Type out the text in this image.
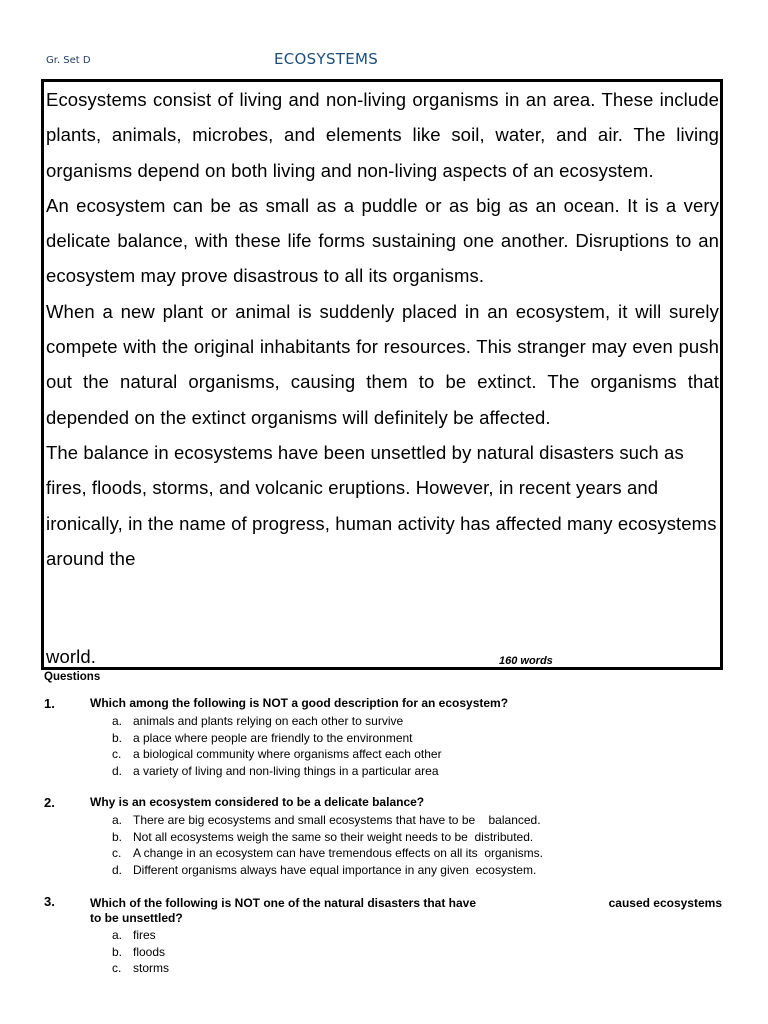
Gr. Set D	ECOSYSTEMS

Ecosystems consist of living and non-living organisms in an area. These include plants, animals, microbes, and elements like soil, water, and air. The living organisms depend on both living and non-living aspects of an ecosystem.

An ecosystem can be as small as a puddle or as big as an ocean. It is a very delicate balance, with these life forms sustaining one another. Disruptions to an ecosystem may prove disastrous to all its organisms.

When a new plant or animal is suddenly placed in an ecosystem, it will surely compete with the original inhabitants for resources. This stranger may even push out the natural organisms, causing them to be extinct. The organisms that depended on the extinct organisms will definitely be affected.

The balance in ecosystems have been unsettled by natural disasters such as fires, floods, storms, and volcanic eruptions. However, in recent years and ironically, in the name of progress, human activity has affected many ecosystems around the

world.	160 words
Questions
1.	Which among the following is NOT a good description for an ecosystem?
a. animals and plants relying on each other to survive
b. a place where people are friendly to the environment
c. a biological community where organisms affect each other
d. a variety of living and non-living things in a particular area
2.	Why is an ecosystem considered to be a delicate balance?
a. There are big ecosystems and small ecosystems that have to be    balanced.
b. Not all ecosystems weigh the same so their weight needs to be  distributed.
c. A change in an ecosystem can have tremendous effects on all its  organisms.
d. Different organisms always have equal importance in any given  ecosystem.
3.	Which of the following is NOT one of the natural disasters that have	caused ecosystems

to be unsettled?
a. fires
b. floods
c. storms
